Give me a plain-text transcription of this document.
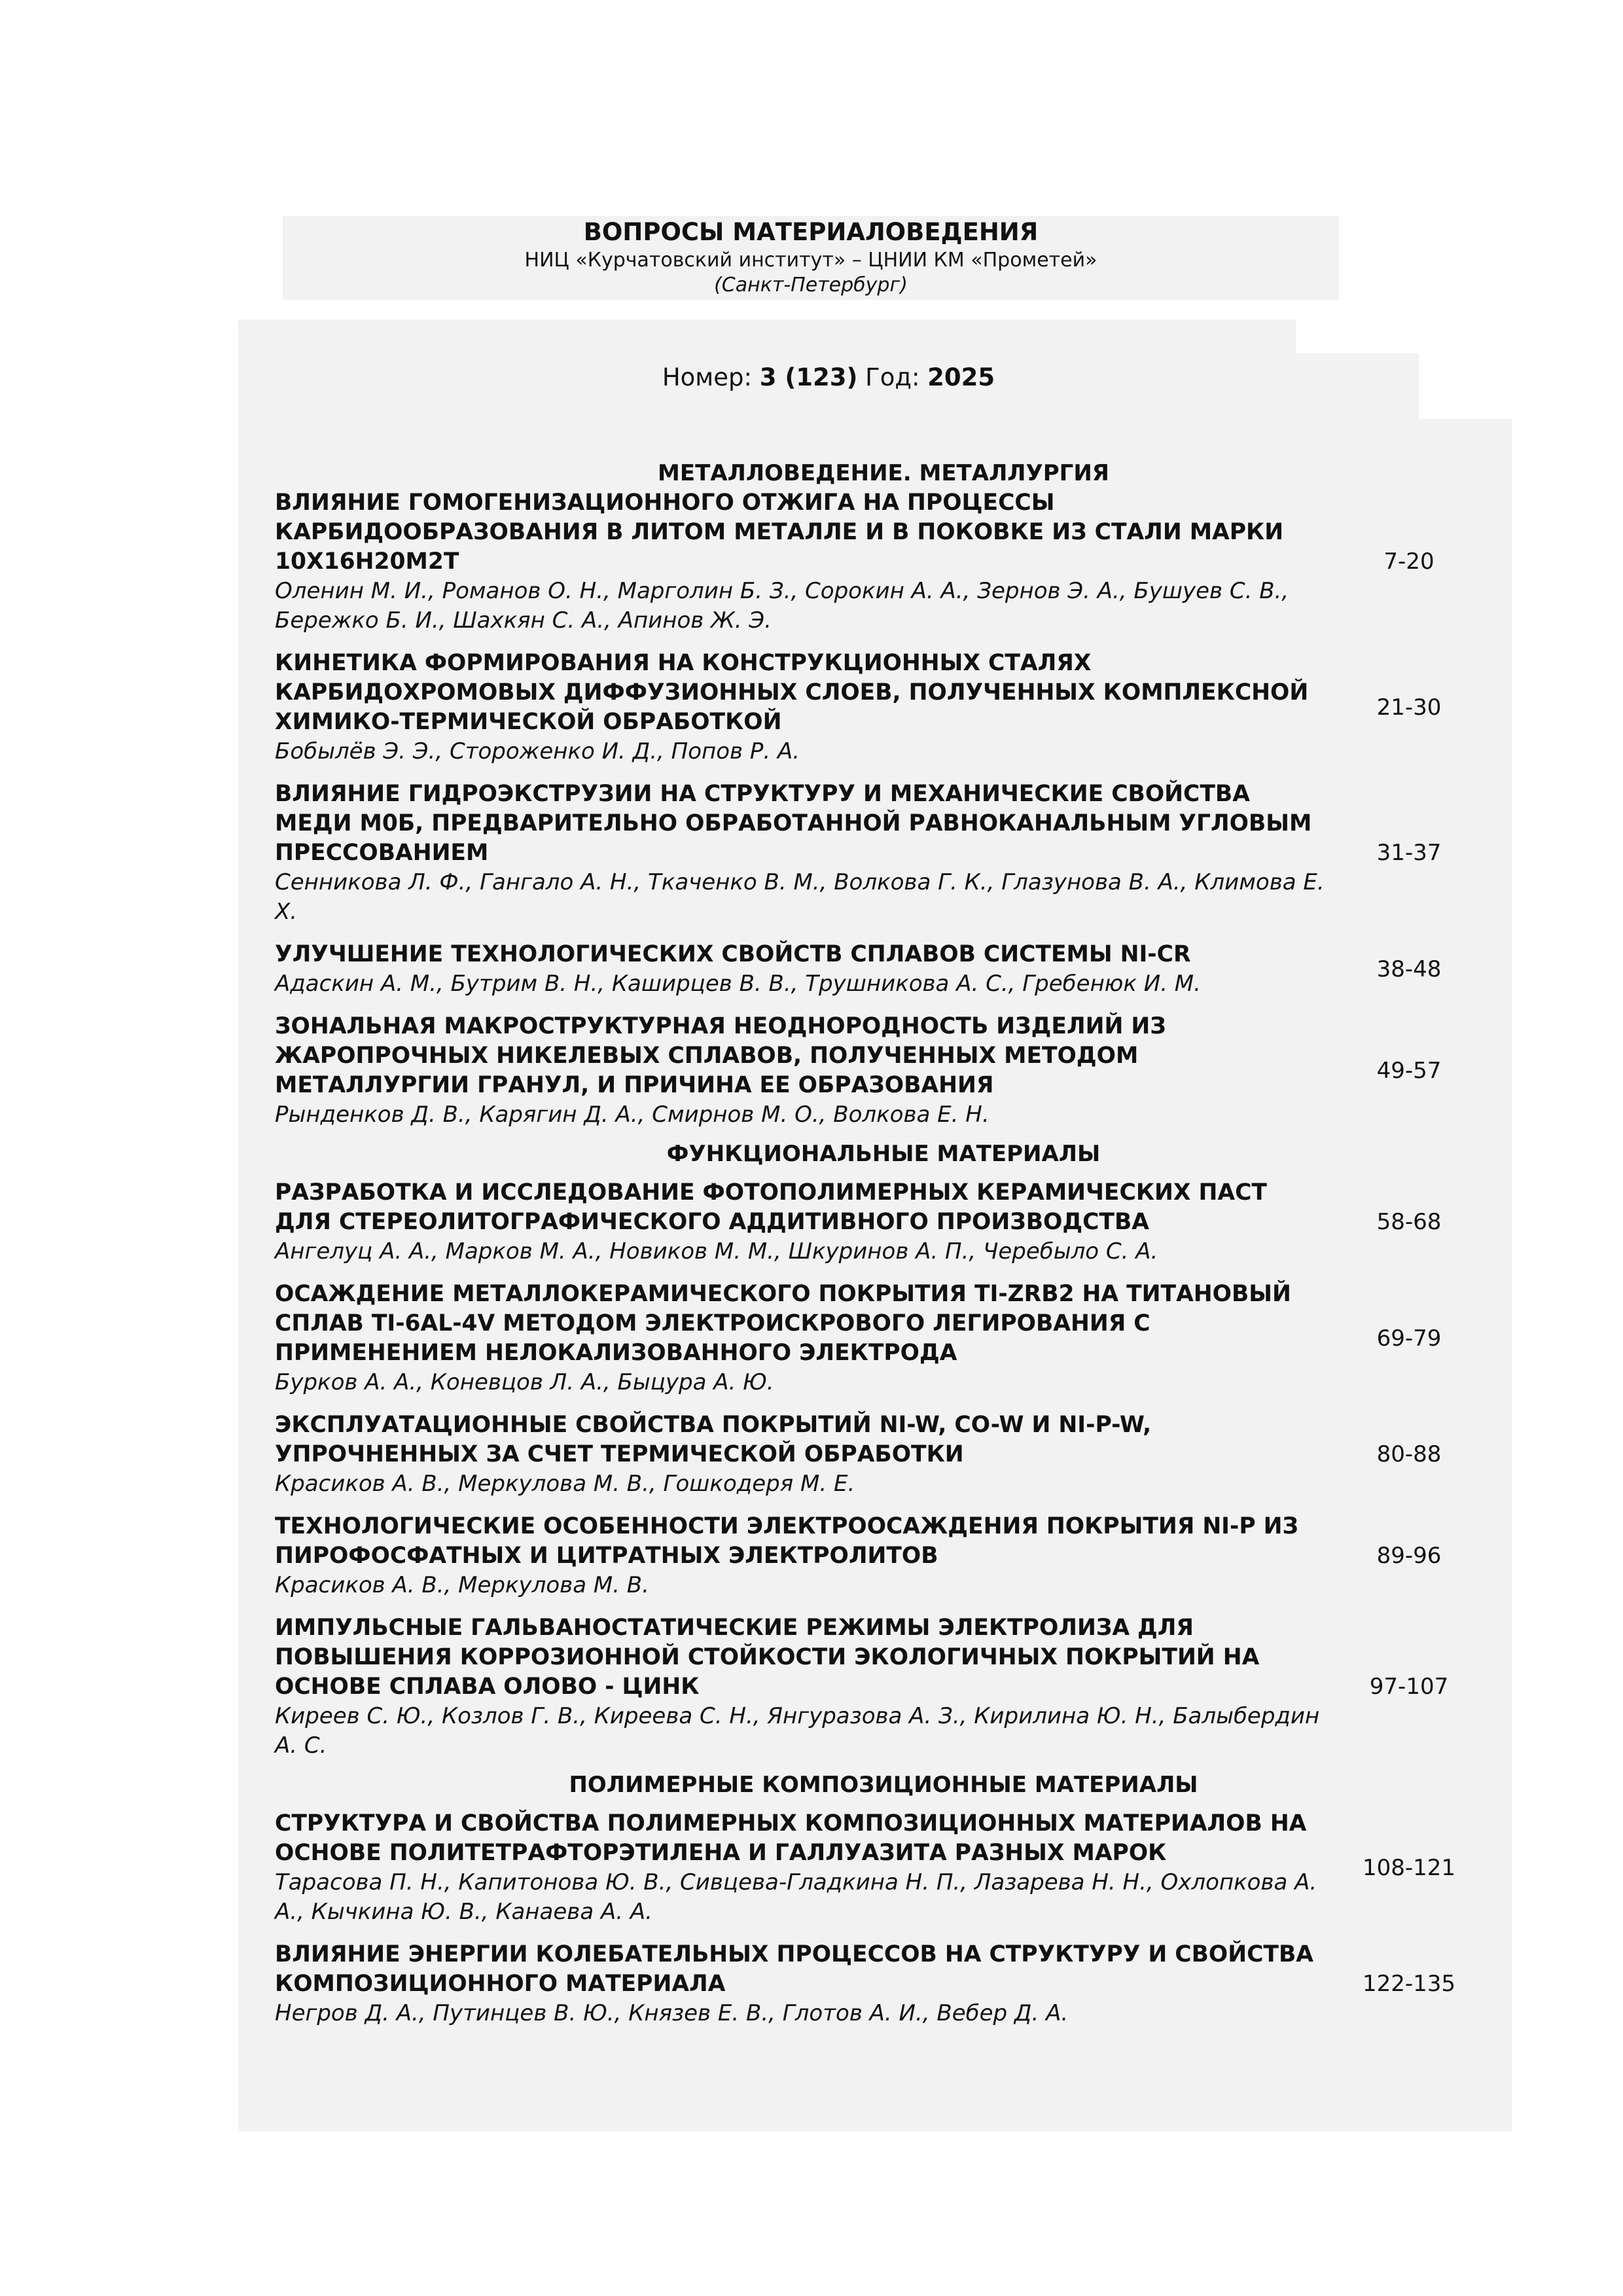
ВОПРОСЫ МАТЕРИАЛОВЕДЕНИЯ
НИЦ «Курчатовский институт» – ЦНИИ КМ «Прометей»
(Санкт-Петербург)
Номер: 3 (123) Год: 2025
МЕТАЛЛОВЕДЕНИЕ. МЕТАЛЛУРГИЯ
ВЛИЯНИЕ ГОМОГЕНИЗАЦИОННОГО ОТЖИГА НА ПРОЦЕССЫ КАРБИДООБРАЗОВАНИЯ В ЛИТОМ МЕТАЛЛЕ И В ПОКОВКЕ ИЗ СТАЛИ МАРКИ 10Х16Н20М2Т
Оленин М. И., Романов О. Н., Марголин Б. З., Сорокин А. А., Зернов Э. А., Бушуев С. В., Бережко Б. И., Шахкян С. А., Апинов Ж. Э.
7-20
КИНЕТИКА ФОРМИРОВАНИЯ НА КОНСТРУКЦИОННЫХ СТАЛЯХ КАРБИДОХРОМОВЫХ ДИФФУЗИОННЫХ СЛОЕВ, ПОЛУЧЕННЫХ КОМПЛЕКСНОЙ ХИМИКО-ТЕРМИЧЕСКОЙ ОБРАБОТКОЙ
Бобылёв Э. Э., Стороженко И. Д., Попов Р. А.
21-30
ВЛИЯНИЕ ГИДРОЭКСТРУЗИИ НА СТРУКТУРУ И МЕХАНИЧЕСКИЕ СВОЙСТВА МЕДИ М0Б, ПРЕДВАРИТЕЛЬНО ОБРАБОТАННОЙ РАВНОКАНАЛЬНЫМ УГЛОВЫМ ПРЕССОВАНИЕМ
Сенникова Л. Ф., Гангало А. Н., Ткаченко В. М., Волкова Г. К., Глазунова В. А., Климова Е. Х.
31-37
УЛУЧШЕНИЕ ТЕХНОЛОГИЧЕСКИХ СВОЙСТВ СПЛАВОВ СИСТЕМЫ NI-CR
Адаскин А. М., Бутрим В. Н., Каширцев В. В., Трушникова А. С., Гребенюк И. М.
38-48
ЗОНАЛЬНАЯ МАКРОСТРУКТУРНАЯ НЕОДНОРОДНОСТЬ ИЗДЕЛИЙ ИЗ ЖАРОПРОЧНЫХ НИКЕЛЕВЫХ СПЛАВОВ, ПОЛУЧЕННЫХ МЕТОДОМ МЕТАЛЛУРГИИ ГРАНУЛ, И ПРИЧИНА ЕЕ ОБРАЗОВАНИЯ
Рынденков Д. В., Карягин Д. А., Смирнов М. О., Волкова Е. Н.
49-57
ФУНКЦИОНАЛЬНЫЕ МАТЕРИАЛЫ
РАЗРАБОТКА И ИССЛЕДОВАНИЕ ФОТОПОЛИМЕРНЫХ КЕРАМИЧЕСКИХ ПАСТ ДЛЯ СТЕРЕОЛИТОГРАФИЧЕСКОГО АДДИТИВНОГО ПРОИЗВОДСТВА
Ангелуц А. А., Марков М. А., Новиков М. М., Шкуринов А. П., Черебыло С. А.
58-68
ОСАЖДЕНИЕ МЕТАЛЛОКЕРАМИЧЕСКОГО ПОКРЫТИЯ TI-ZRB2 НА ТИТАНОВЫЙ СПЛАВ TI-6AL-4V МЕТОДОМ ЭЛЕКТРОИСКРОВОГО ЛЕГИРОВАНИЯ С ПРИМЕНЕНИЕМ НЕЛОКАЛИЗОВАННОГО ЭЛЕКТРОДА
Бурков А. А., Коневцов Л. А., Быцура А. Ю.
69-79
ЭКСПЛУАТАЦИОННЫЕ СВОЙСТВА ПОКРЫТИЙ NI-W, CO-W И NI-P-W, УПРОЧНЕННЫХ ЗА СЧЕТ ТЕРМИЧЕСКОЙ ОБРАБОТКИ
Красиков А. В., Меркулова М. В., Гошкодеря М. Е.
80-88
ТЕХНОЛОГИЧЕСКИЕ ОСОБЕННОСТИ ЭЛЕКТРООСАЖДЕНИЯ ПОКРЫТИЯ NI-P ИЗ ПИРОФОСФАТНЫХ И ЦИТРАТНЫХ ЭЛЕКТРОЛИТОВ
Красиков А. В., Меркулова М. В.
89-96
ИМПУЛЬСНЫЕ ГАЛЬВАНОСТАТИЧЕСКИЕ РЕЖИМЫ ЭЛЕКТРОЛИЗА ДЛЯ ПОВЫШЕНИЯ КОРРОЗИОННОЙ СТОЙКОСТИ ЭКОЛОГИЧНЫХ ПОКРЫТИЙ НА ОСНОВЕ СПЛАВА ОЛОВО - ЦИНК
Киреев С. Ю., Козлов Г. В., Киреева С. Н., Янгуразова А. З., Кирилина Ю. Н., Балыбердин А. С.
97-107
ПОЛИМЕРНЫЕ КОМПОЗИЦИОННЫЕ МАТЕРИАЛЫ
СТРУКТУРА И СВОЙСТВА ПОЛИМЕРНЫХ КОМПОЗИЦИОННЫХ МАТЕРИАЛОВ НА ОСНОВЕ ПОЛИТЕТРАФТОРЭТИЛЕНА И ГАЛЛУАЗИТА РАЗНЫХ МАРОК
Тарасова П. Н., Капитонова Ю. В., Сивцева-Гладкина Н. П., Лазарева Н. Н., Охлопкова А. А., Кычкина Ю. В., Канаева А. А.
108-121
ВЛИЯНИЕ ЭНЕРГИИ КОЛЕБАТЕЛЬНЫХ ПРОЦЕССОВ НА СТРУКТУРУ И СВОЙСТВА КОМПОЗИЦИОННОГО МАТЕРИАЛА
Негров Д. А., Путинцев В. Ю., Князев Е. В., Глотов А. И., Вебер Д. А.
122-135
